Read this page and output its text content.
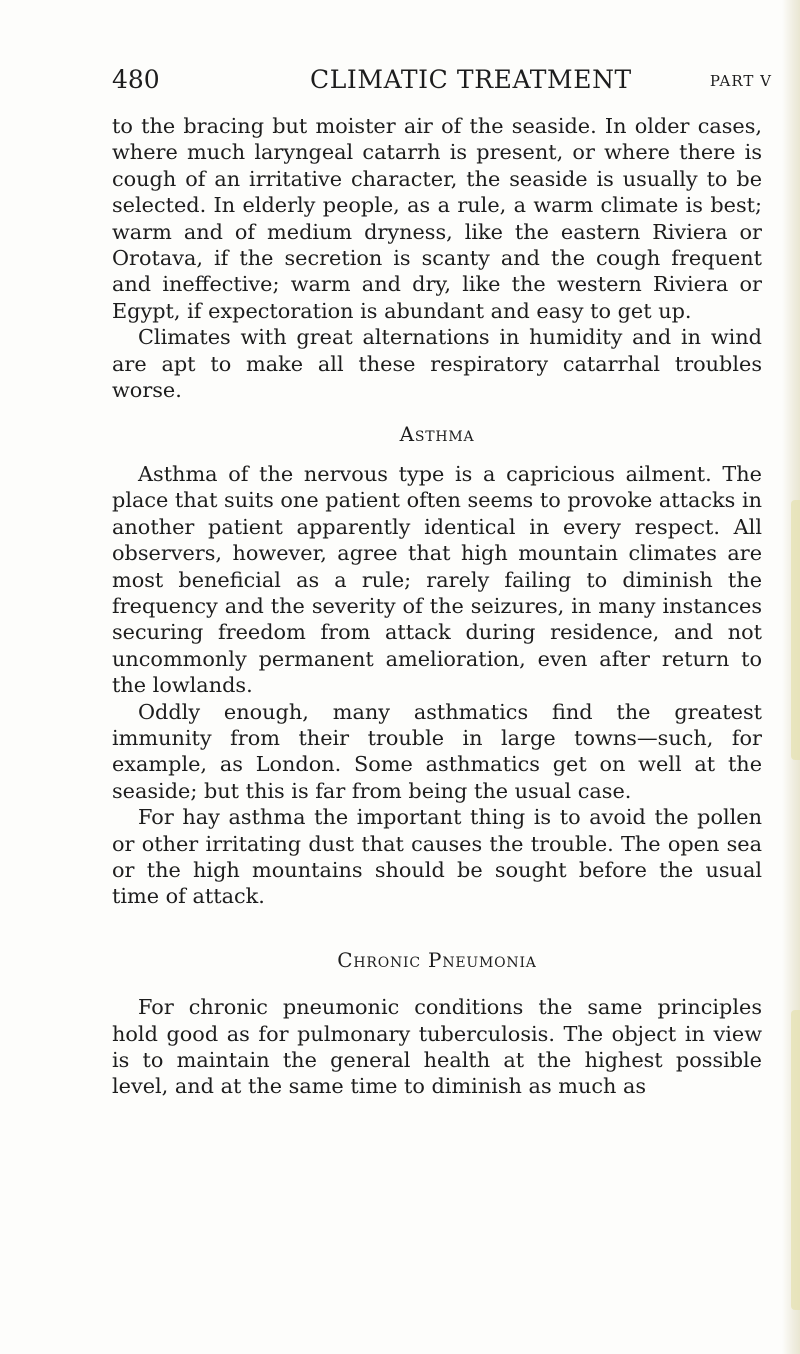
480	CLIMATIC TREATMENT	PART V

to the bracing but moister air of the seaside. In older cases, where much laryngeal catarrh is present, or where there is cough of an irritative character, the seaside is usually to be selected. In elderly people, as a rule, a warm climate is best; warm and of medium dryness, like the eastern Riviera or Orotava, if the secretion is scanty and the cough frequent and ineffective; warm and dry, like the western Riviera or Egypt, if expectoration is abundant and easy to get up.

Climates with great alternations in humidity and in wind are apt to make all these respiratory catarrhal troubles worse.

Asthma

Asthma of the nervous type is a capricious ailment. The place that suits one patient often seems to provoke attacks in another patient apparently identical in every respect. All observers, however, agree that high mountain climates are most beneficial as a rule; rarely failing to diminish the frequency and the severity of the seizures, in many instances securing freedom from attack during residence, and not uncommonly permanent amelioration, even after return to the lowlands.

Oddly enough, many asthmatics find the greatest immunity from their trouble in large towns—such, for example, as London. Some asthmatics get on well at the seaside; but this is far from being the usual case.

For hay asthma the important thing is to avoid the pollen or other irritating dust that causes the trouble. The open sea or the high mountains should be sought before the usual time of attack.

Chronic Pneumonia

For chronic pneumonic conditions the same principles hold good as for pulmonary tuberculosis. The object in view is to maintain the general health at the highest possible level, and at the same time to diminish as much as
